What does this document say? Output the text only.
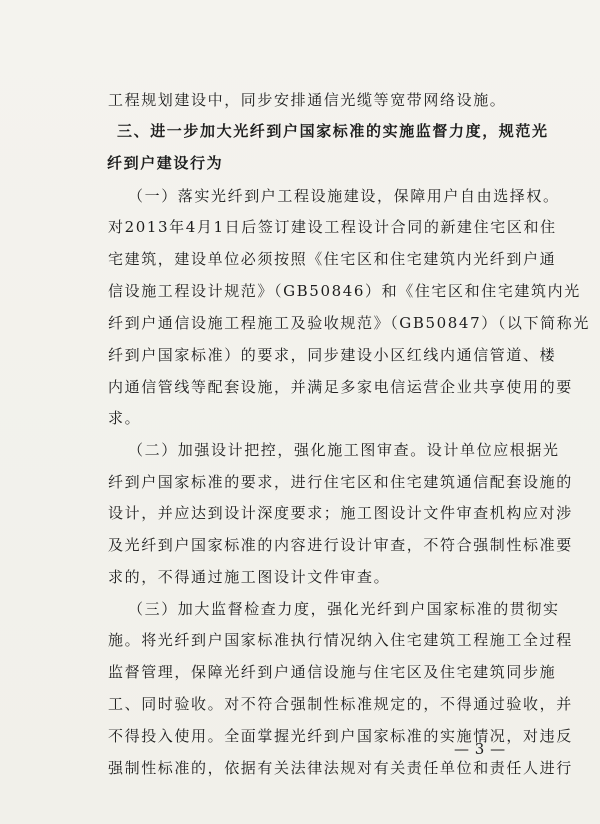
工程规划建设中，同步安排通信光缆等宽带网络设施。
三、进一步加大光纤到户国家标准的实施监督力度，规范光
纤到户建设行为
（一）落实光纤到户工程设施建设，保障用户自由选择权。
对2013年4月1日后签订建设工程设计合同的新建住宅区和住
宅建筑，建设单位必须按照《住宅区和住宅建筑内光纤到户通
信设施工程设计规范》（GB50846）和《住宅区和住宅建筑内光
纤到户通信设施工程施工及验收规范》（GB50847）（以下简称光
纤到户国家标准）的要求，同步建设小区红线内通信管道、楼
内通信管线等配套设施，并满足多家电信运营企业共享使用的要
求。
（二）加强设计把控，强化施工图审查。设计单位应根据光
纤到户国家标准的要求，进行住宅区和住宅建筑通信配套设施的
设计，并应达到设计深度要求；施工图设计文件审查机构应对涉
及光纤到户国家标准的内容进行设计审查，不符合强制性标准要
求的，不得通过施工图设计文件审查。
（三）加大监督检查力度，强化光纤到户国家标准的贯彻实
施。将光纤到户国家标准执行情况纳入住宅建筑工程施工全过程
监督管理，保障光纤到户通信设施与住宅区及住宅建筑同步施
工、同时验收。对不符合强制性标准规定的，不得通过验收，并
不得投入使用。全面掌握光纤到户国家标准的实施情况，对违反
强制性标准的，依据有关法律法规对有关责任单位和责任人进行
— 3 —
